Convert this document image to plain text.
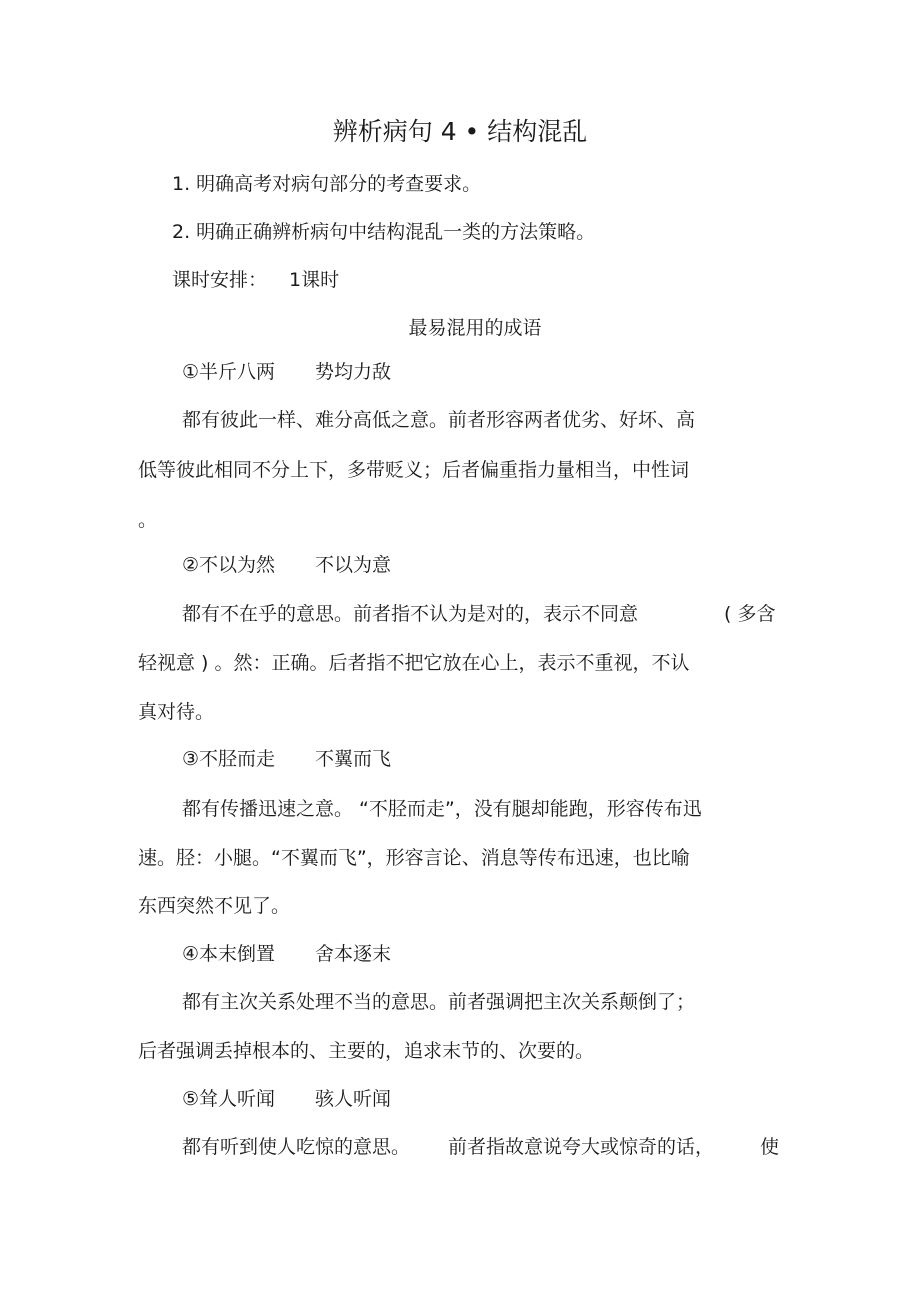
辨析病句 4 • 结构混乱
1. 明确高考对病句部分的考查要求。
2. 明确正确辨析病句中结构混乱一类的方法策略。
课时安排： 1课时
最易混用的成语
①半斤八两 势均力敌
都有彼此一样、难分高低之意。前者形容两者优劣、好坏、高
低等彼此相同不分上下，多带贬义；后者偏重指力量相当，中性词
。
②不以为然 不以为意
都有不在乎的意思。前者指不认为是对的，表示不同意	( 多含
轻视意 ) 。然：正确。后者指不把它放在心上，表示不重视，不认
真对待。
③不胫而走 不翼而飞
都有传播迅速之意。 “不胫而走”，没有腿却能跑，形容传布迅
速。胫：小腿。“不翼而飞”，形容言论、消息等传布迅速，也比喻
东西突然不见了。
④本末倒置 舍本逐末
都有主次关系处理不当的意思。前者强调把主次关系颠倒了；
后者强调丢掉根本的、主要的，追求末节的、次要的。
⑤耸人听闻 骇人听闻
都有听到使人吃惊的意思。 前者指故意说夸大或惊奇的话， 使
